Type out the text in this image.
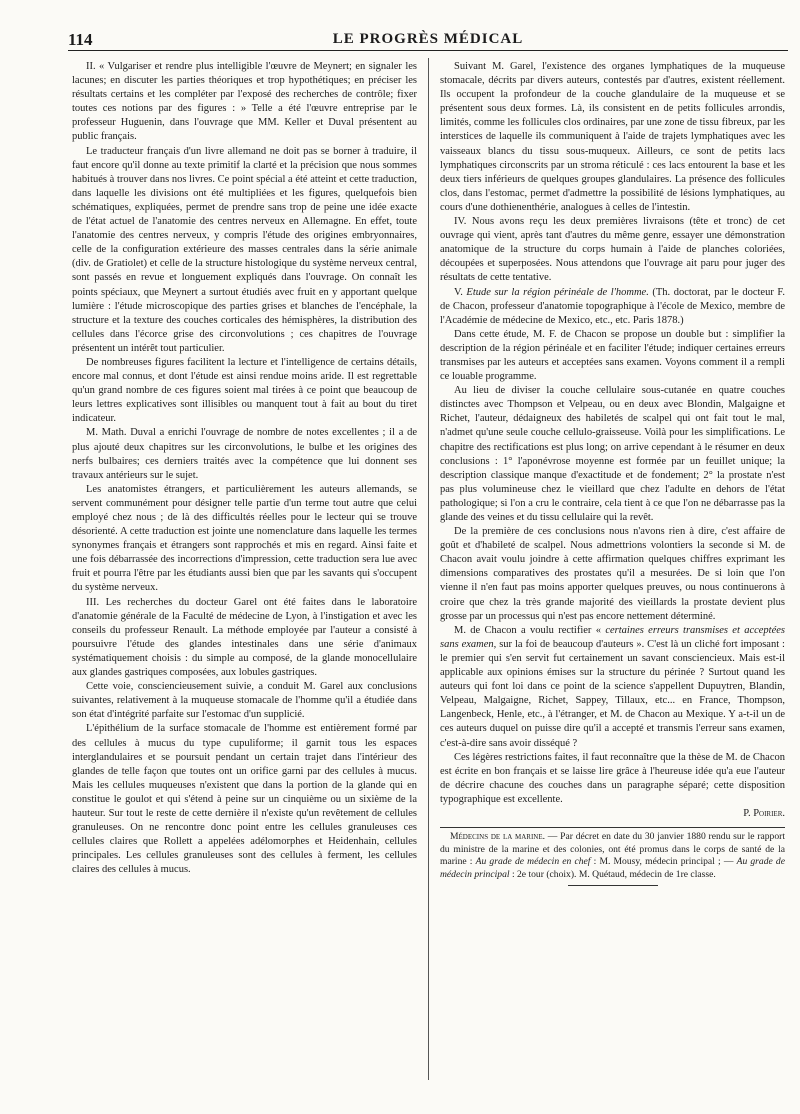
114	LE PROGRÈS MÉDICAL

II. « Vulgariser et rendre plus intelligible l'œuvre de Meynert; en signaler les lacunes; en discuter les parties théoriques et trop hypothétiques; en préciser les résultats certains et les compléter par l'exposé des recherches de contrôle; fixer toutes ces notions par des figures : » Telle a été l'œuvre entreprise par le professeur Huguenin, dans l'ouvrage que MM. Keller et Duval présentent au public français.

Le traducteur français d'un livre allemand ne doit pas se borner à traduire, il faut encore qu'il donne au texte primitif la clarté et la précision que nous sommes habitués à trouver dans nos livres. Ce point spécial a été atteint et cette traduction, dans laquelle les divisions ont été multipliées et les figures, quelquefois bien schématiques, expliquées, permet de prendre sans trop de peine une idée exacte de l'état actuel de l'anatomie des centres nerveux en Allemagne. En effet, toute l'anatomie des centres nerveux, y compris l'étude des origines embryonnaires, celle de la configuration extérieure des masses centrales dans la série animale (div. de Gratiolet) et celle de la structure histologique du système nerveux central, sont passés en revue et longuement expliqués dans l'ouvrage. On connaît les points spéciaux, que Meynert a surtout étudiés avec fruit en y apportant quelque lumière : l'étude microscopique des parties grises et blanches de l'encéphale, la structure et la texture des couches corticales des hémisphères, la distribution des cellules dans l'écorce grise des circonvolutions ; ces chapitres de l'ouvrage présentent un intérêt tout particulier.

De nombreuses figures facilitent la lecture et l'intelligence de certains détails, encore mal connus, et dont l'étude est ainsi rendue moins aride. Il est regrettable qu'un grand nombre de ces figures soient mal tirées à ce point que beaucoup de leurs lettres explicatives sont illisibles ou manquent tout à fait au bout du tiret indicateur.

M. Math. Duval a enrichi l'ouvrage de nombre de notes excellentes ; il a de plus ajouté deux chapitres sur les circonvolutions, le bulbe et les origines des nerfs bulbaires; ces derniers traités avec la compétence que lui donnent ses travaux antérieurs sur le sujet.

Les anatomistes étrangers, et particulièrement les auteurs allemands, se servent communément pour désigner telle partie d'un terme tout autre que celui employé chez nous ; de là des difficultés réelles pour le lecteur qui se trouve désorienté. A cette traduction est jointe une nomenclature dans laquelle les termes synonymes français et étrangers sont rapprochés et mis en regard. Ainsi faite et une fois débarrassée des incorrections d'impression, cette traduction sera lue avec fruit et pourra l'être par les étudiants aussi bien que par les savants qui s'occupent du système nerveux.

III. Les recherches du docteur Garel ont été faites dans le laboratoire d'anatomie générale de la Faculté de médecine de Lyon, à l'instigation et avec les conseils du professeur Renault. La méthode employée par l'auteur a consisté à poursuivre l'étude des glandes intestinales dans une série d'animaux systématiquement choisis : du simple au composé, de la glande monocellulaire aux glandes gastriques composées, aux lobules gastriques.

Cette voie, consciencieusement suivie, a conduit M. Garel aux conclusions suivantes, relativement à la muqueuse stomacale de l'homme qu'il a étudiée dans son état d'intégrité parfaite sur l'estomac d'un supplicié.

L'épithélium de la surface stomacale de l'homme est entièrement formé par des cellules à mucus du type cupuliforme; il garnit tous les espaces interglandulaires et se poursuit pendant un certain trajet dans l'intérieur des glandes de telle façon que toutes ont un orifice garni par des cellules à mucus. Mais les cellules muqueuses n'existent que dans la portion de la glande qui en constitue le goulot et qui s'étend à peine sur un cinquième ou un sixième de la hauteur. Sur tout le reste de cette dernière il n'existe qu'un revêtement de cellules granuleuses. On ne rencontre donc point entre les cellules granuleuses ces cellules claires que Rollett a appelées adélomorphes et Heidenhain, cellules principales. Les cellules granuleuses sont des cellules à ferment, les cellules claires des cellules à mucus.

Suivant M. Garel, l'existence des organes lymphatiques de la muqueuse stomacale, décrits par divers auteurs, contestés par d'autres, existent réellement. Ils occupent la profondeur de la couche glandulaire de la muqueuse et se présentent sous deux formes. Là, ils consistent en de petits follicules arrondis, limités, comme les follicules clos ordinaires, par une zone de tissu fibreux, par les interstices de laquelle ils communiquent à l'aide de trajets lymphatiques avec les vaisseaux blancs du tissu sous-muqueux. Ailleurs, ce sont de petits lacs lymphatiques circonscrits par un stroma réticulé : ces lacs entourent la base et les deux tiers inférieurs de quelques groupes glandulaires. La présence des follicules clos, dans l'estomac, permet d'admettre la possibilité de lésions lymphatiques, au cours d'une dothienenthérie, analogues à celles de l'intestin.

IV. Nous avons reçu les deux premières livraisons (tête et tronc) de cet ouvrage qui vient, après tant d'autres du même genre, essayer une démonstration anatomique de la structure du corps humain à l'aide de planches coloriées, découpées et superposées. Nous attendons que l'ouvrage ait paru pour juger des résultats de cette tentative.

V. Etude sur la région périnéale de l'homme. (Th. doctorat, par le docteur F. de Chacon, professeur d'anatomie topographique à l'école de Mexico, membre de l'Académie de médecine de Mexico, etc., etc. Paris 1878.)

Dans cette étude, M. F. de Chacon se propose un double but : simplifier la description de la région périnéale et en faciliter l'étude; indiquer certaines erreurs transmises par les auteurs et acceptées sans examen. Voyons comment il a rempli ce louable programme.

Au lieu de diviser la couche cellulaire sous-cutanée en quatre couches distinctes avec Thompson et Velpeau, ou en deux avec Blondin, Malgaigne et Richet, l'auteur, dédaigneux des habiletés de scalpel qui ont fait tout le mal, n'admet qu'une seule couche cellulo-graisseuse. Voilà pour les simplifications. Le chapitre des rectifications est plus long; on arrive cependant à le résumer en deux conclusions : 1° l'aponévrose moyenne est formée par un feuillet unique; la description classique manque d'exactitude et de fondement; 2° la prostate n'est pas plus volumineuse chez le vieillard que chez l'adulte en dehors de l'état pathologique; si l'on a cru le contraire, cela tient à ce que l'on ne débarrasse pas la glande des veines et du tissu cellulaire qui la revêt.

De la première de ces conclusions nous n'avons rien à dire, c'est affaire de goût et d'habileté de scalpel. Nous admettrions volontiers la seconde si M. de Chacon avait voulu joindre à cette affirmation quelques chiffres exprimant les dimensions comparatives des prostates qu'il a mesurées. De si loin que l'on vienne il n'en faut pas moins apporter quelques preuves, ou nous continuerons à croire que chez la très grande majorité des vieillards la prostate devient plus grosse par un processus qui n'est pas encore nettement déterminé.

M. de Chacon a voulu rectifier « certaines erreurs transmises et acceptées sans examen, sur la foi de beaucoup d'auteurs ». C'est là un cliché fort imposant : le premier qui s'en servit fut certainement un savant consciencieux. Mais est-il applicable aux opinions émises sur la structure du périnée ? Surtout quand les auteurs qui font loi dans ce point de la science s'appellent Dupuytren, Blandin, Velpeau, Malgaigne, Richet, Sappey, Tillaux, etc... en France, Thompson, Langenbeck, Henle, etc., à l'étranger, et M. de Chacon au Mexique. Y a-t-il un de ces auteurs duquel on puisse dire qu'il a accepté et transmis l'erreur sans examen, c'est-à-dire sans avoir disséqué ?

Ces légères restrictions faites, il faut reconnaître que la thèse de M. de Chacon est écrite en bon français et se laisse lire grâce à l'heureuse idée qu'a eue l'auteur de décrire chacune des couches dans un paragraphe séparé; cette disposition typographique est excellente.

P. Poirier.

Médecins de la marine. — Par décret en date du 30 janvier 1880 rendu sur le rapport du ministre de la marine et des colonies, ont été promus dans le corps de santé de la marine : Au grade de médecin en chef : M. Mousy, médecin principal ; — Au grade de médecin principal : 2e tour (choix). M. Quétaud, médecin de 1re classe.
